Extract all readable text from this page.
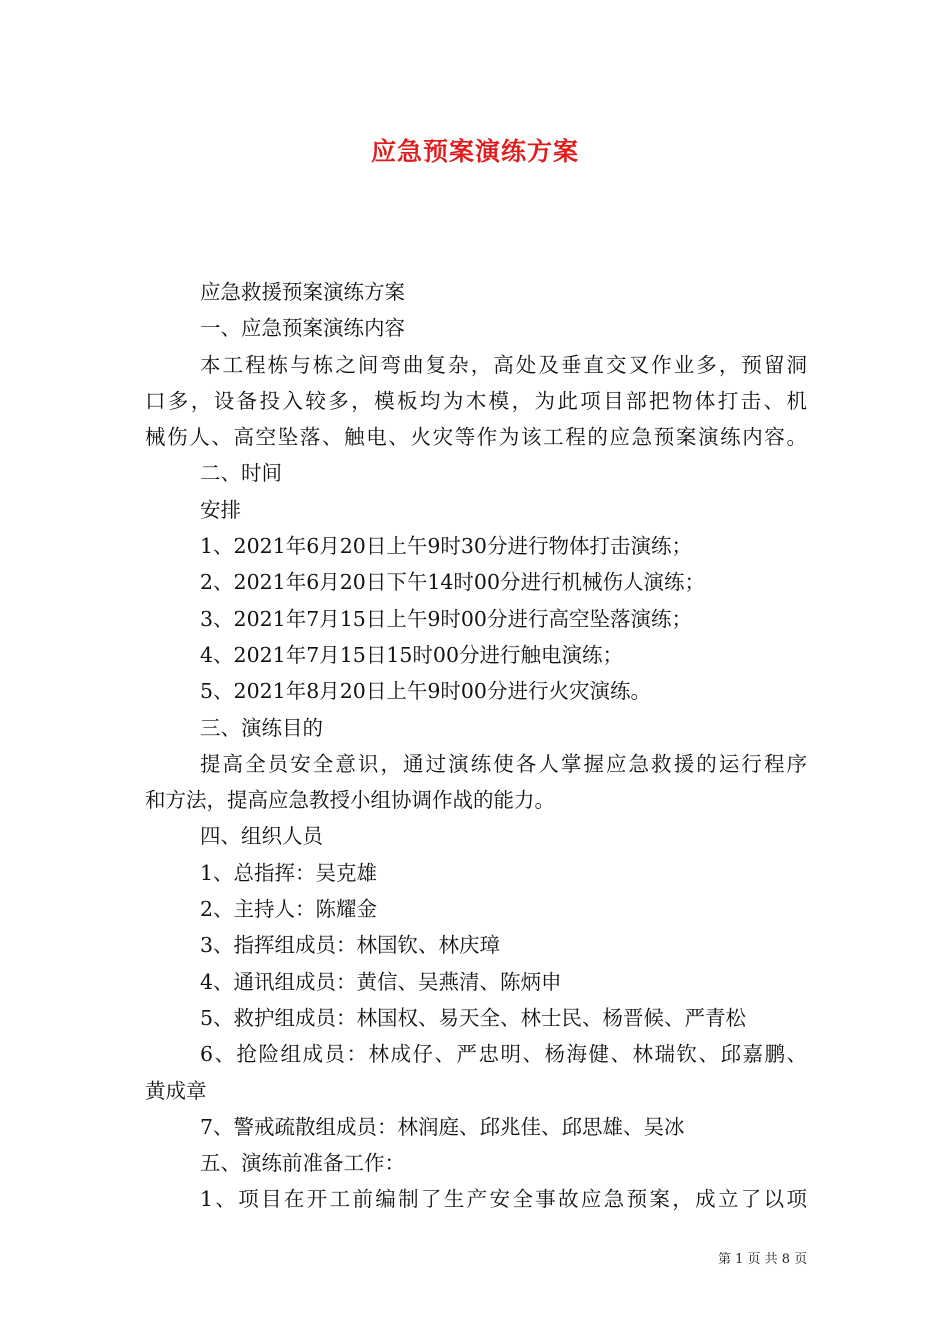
应急预案演练方案
应急救援预案演练方案
一、应急预案演练内容
本工程栋与栋之间弯曲复杂，高处及垂直交叉作业多，预留洞
口多，设备投入较多，模板均为木模，为此项目部把物体打击、机
械伤人、高空坠落、触电、火灾等作为该工程的应急预案演练内容。
二、时间
安排
1、2021年6月20日上午9时30分进行物体打击演练；
2、2021年6月20日下午14时00分进行机械伤人演练；
3、2021年7月15日上午9时00分进行高空坠落演练；
4、2021年7月15日15时00分进行触电演练；
5、2021年8月20日上午9时00分进行火灾演练。
三、演练目的
提高全员安全意识，通过演练使各人掌握应急救援的运行程序
和方法，提高应急教授小组协调作战的能力。
四、组织人员
1、总指挥：吴克雄
2、主持人：陈耀金
3、指挥组成员：林国钦、林庆璋
4、通讯组成员：黄信、吴燕清、陈炳申
5、救护组成员：林国权、易天全、林士民、杨晋候、严青松
6、抢险组成员：林成仔、严忠明、杨海健、林瑞钦、邱嘉鹏、
黄成章
7、警戒疏散组成员：林润庭、邱兆佳、邱思雄、吴冰
五、演练前准备工作：
1、项目在开工前编制了生产安全事故应急预案，成立了以项
第 1 页 共 8 页
